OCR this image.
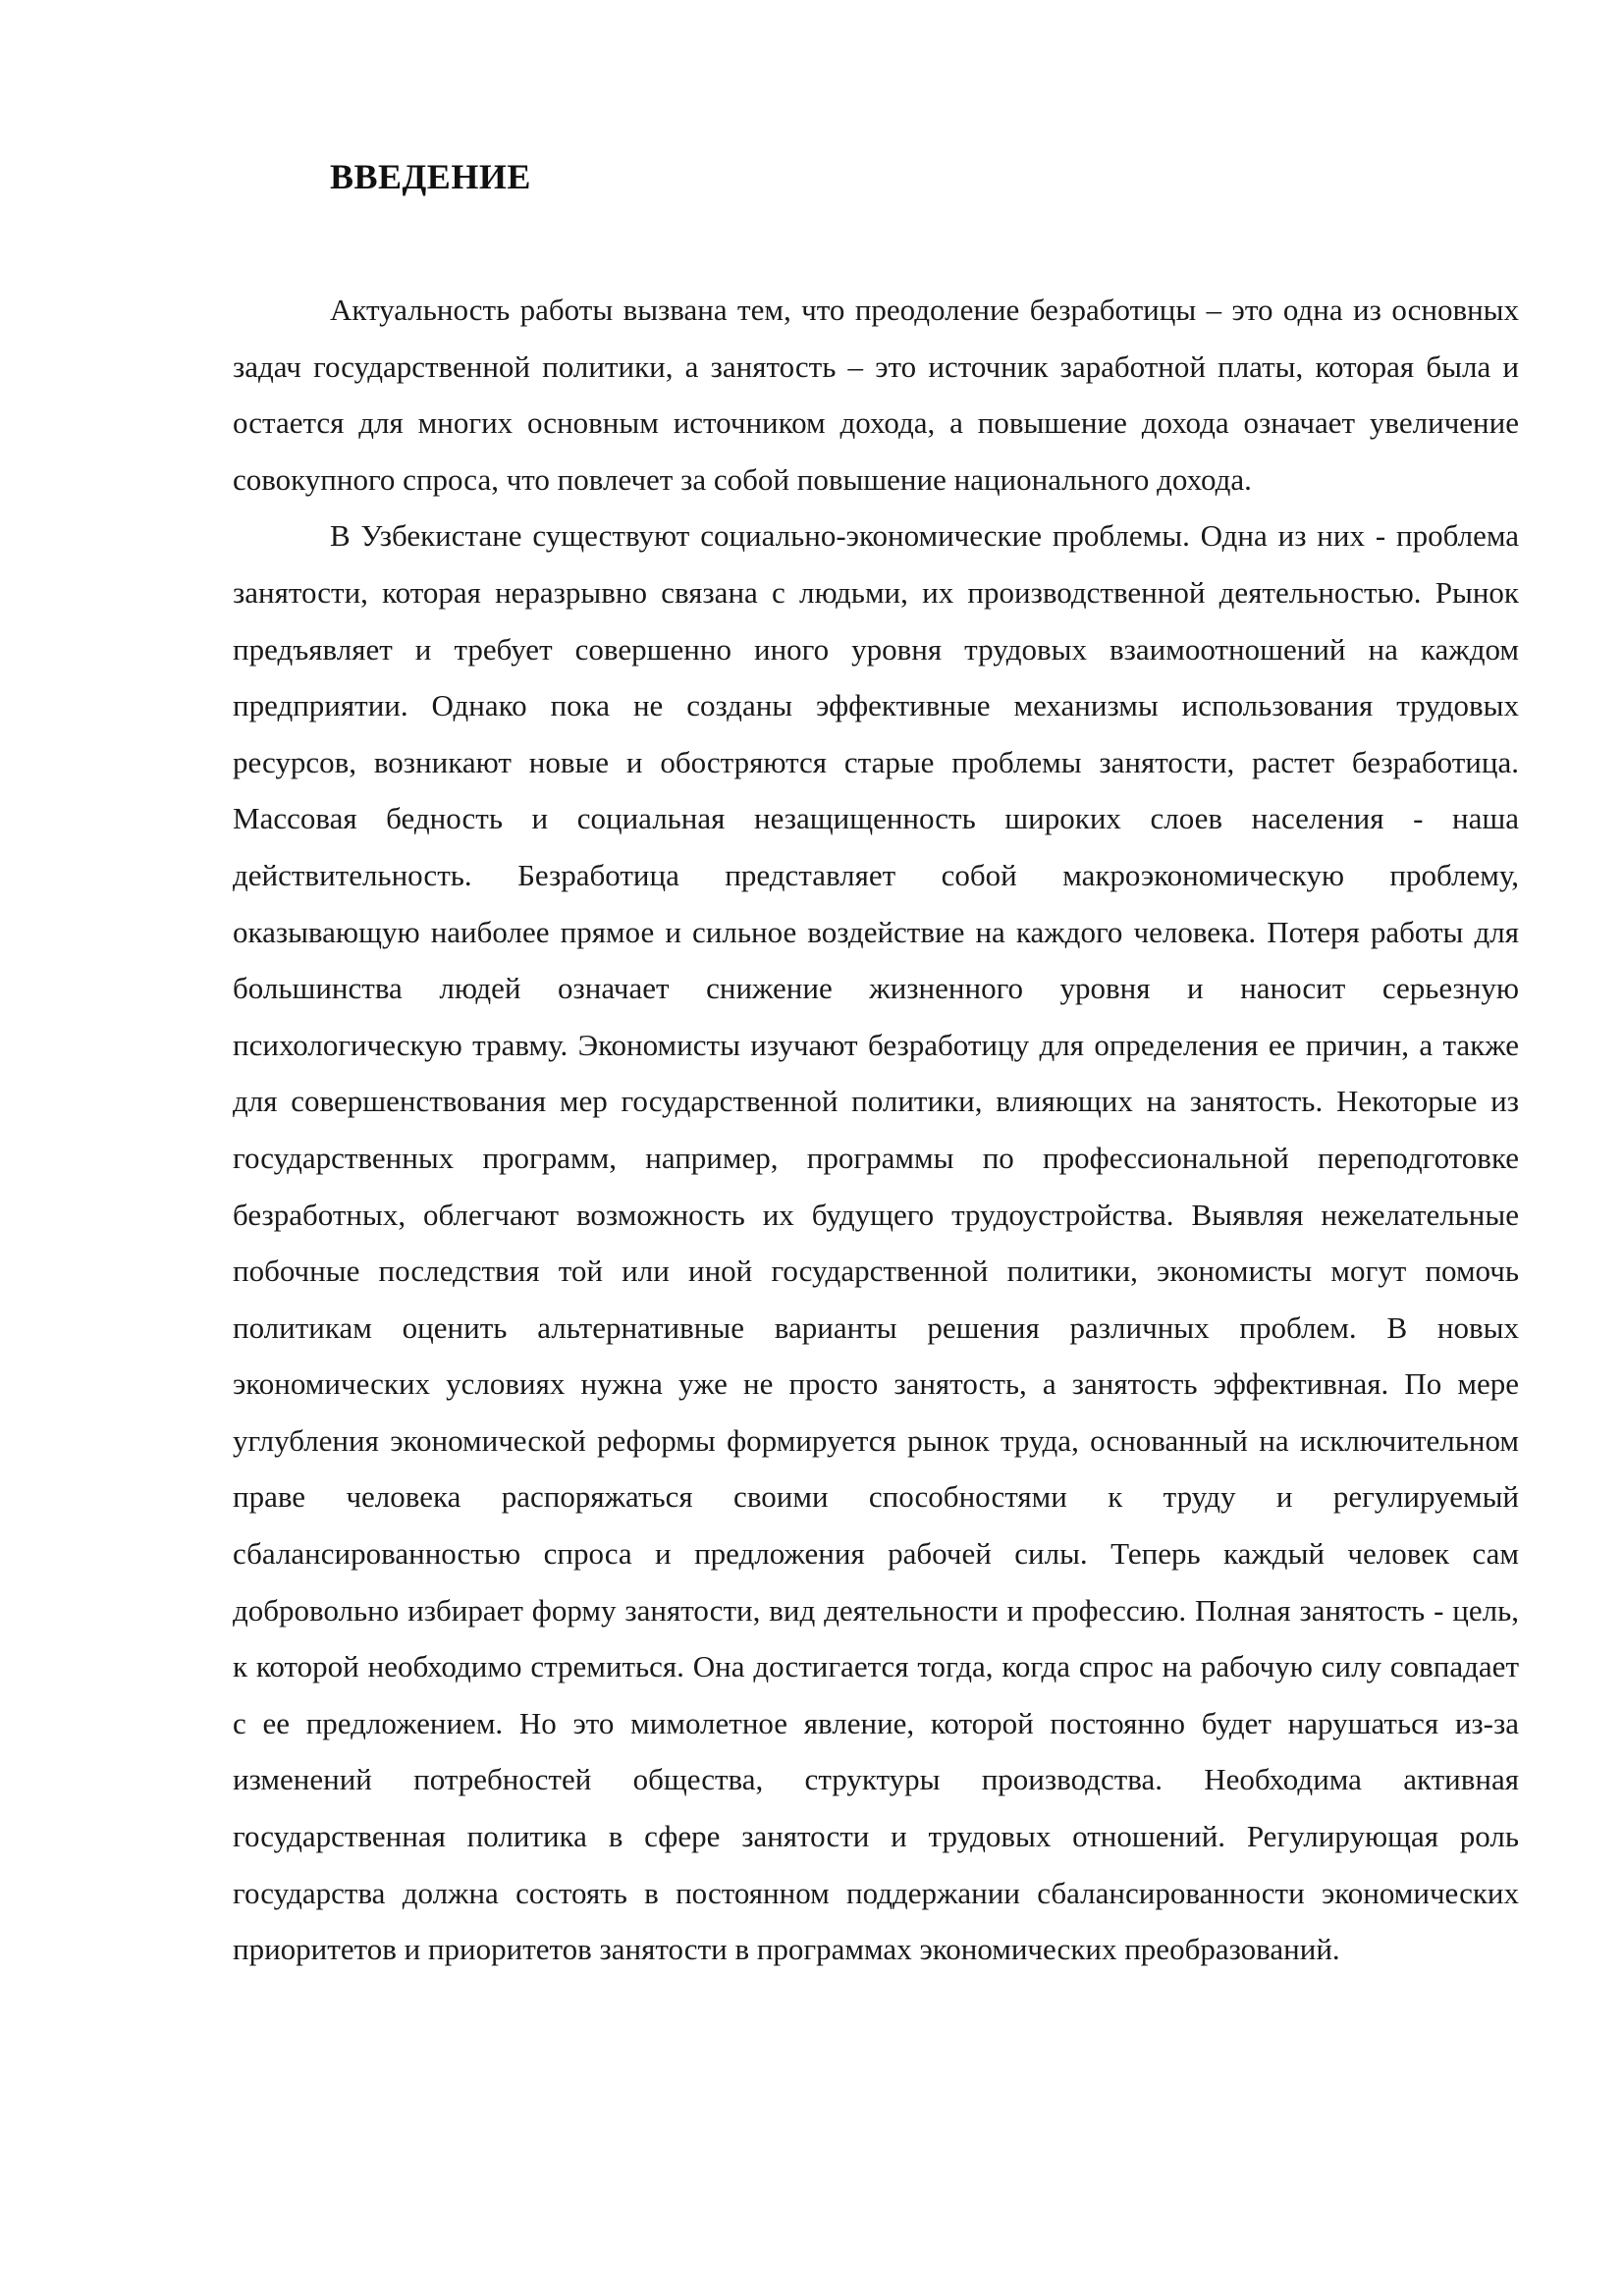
ВВЕДЕНИЕ

Актуальность работы вызвана тем, что преодоление безработицы – это одна из основных задач государственной политики, а занятость – это источник заработной платы, которая была и остается для многих основным источником дохода, а повышение дохода означает увеличение совокупного спроса, что повлечет за собой повышение национального дохода.

В Узбекистане существуют социально-экономические проблемы. Одна из них - проблема занятости, которая неразрывно связана с людьми, их производственной деятельностью. Рынок предъявляет и требует совершенно иного уровня трудовых взаимоотношений на каждом предприятии. Однако пока не созданы эффективные механизмы использования трудовых ресурсов, возникают новые и обостряются старые проблемы занятости, растет безработица. Массовая бедность и социальная незащищенность широких слоев населения - наша действительность. Безработица представляет собой макроэкономическую проблему, оказывающую наиболее прямое и сильное воздействие на каждого человека. Потеря работы для большинства людей означает снижение жизненного уровня и наносит серьезную психологическую травму. Экономисты изучают безработицу для определения ее причин, а также для совершенствования мер государственной политики, влияющих на занятость. Некоторые из государственных программ, например, программы по профессиональной переподготовке безработных, облегчают возможность их будущего трудоустройства. Выявляя нежелательные побочные последствия той или иной государственной политики, экономисты могут помочь политикам оценить альтернативные варианты решения различных проблем. В новых экономических условиях нужна уже не просто занятость, а занятость эффективная. По мере углубления экономической реформы формируется рынок труда, основанный на исключительном праве человека распоряжаться своими способностями к труду и регулируемый сбалансированностью спроса и предложения рабочей силы. Теперь каждый человек сам добровольно избирает форму занятости, вид деятельности и профессию. Полная занятость - цель, к которой необходимо стремиться. Она достигается тогда, когда спрос на рабочую силу совпадает с ее предложением. Но это мимолетное явление, которой постоянно будет нарушаться из-за изменений потребностей общества, структуры производства. Необходима активная государственная политика в сфере занятости и трудовых отношений. Регулирующая роль государства должна состоять в постоянном поддержании сбалансированности экономических приоритетов и приоритетов занятости в программах экономических преобразований.
